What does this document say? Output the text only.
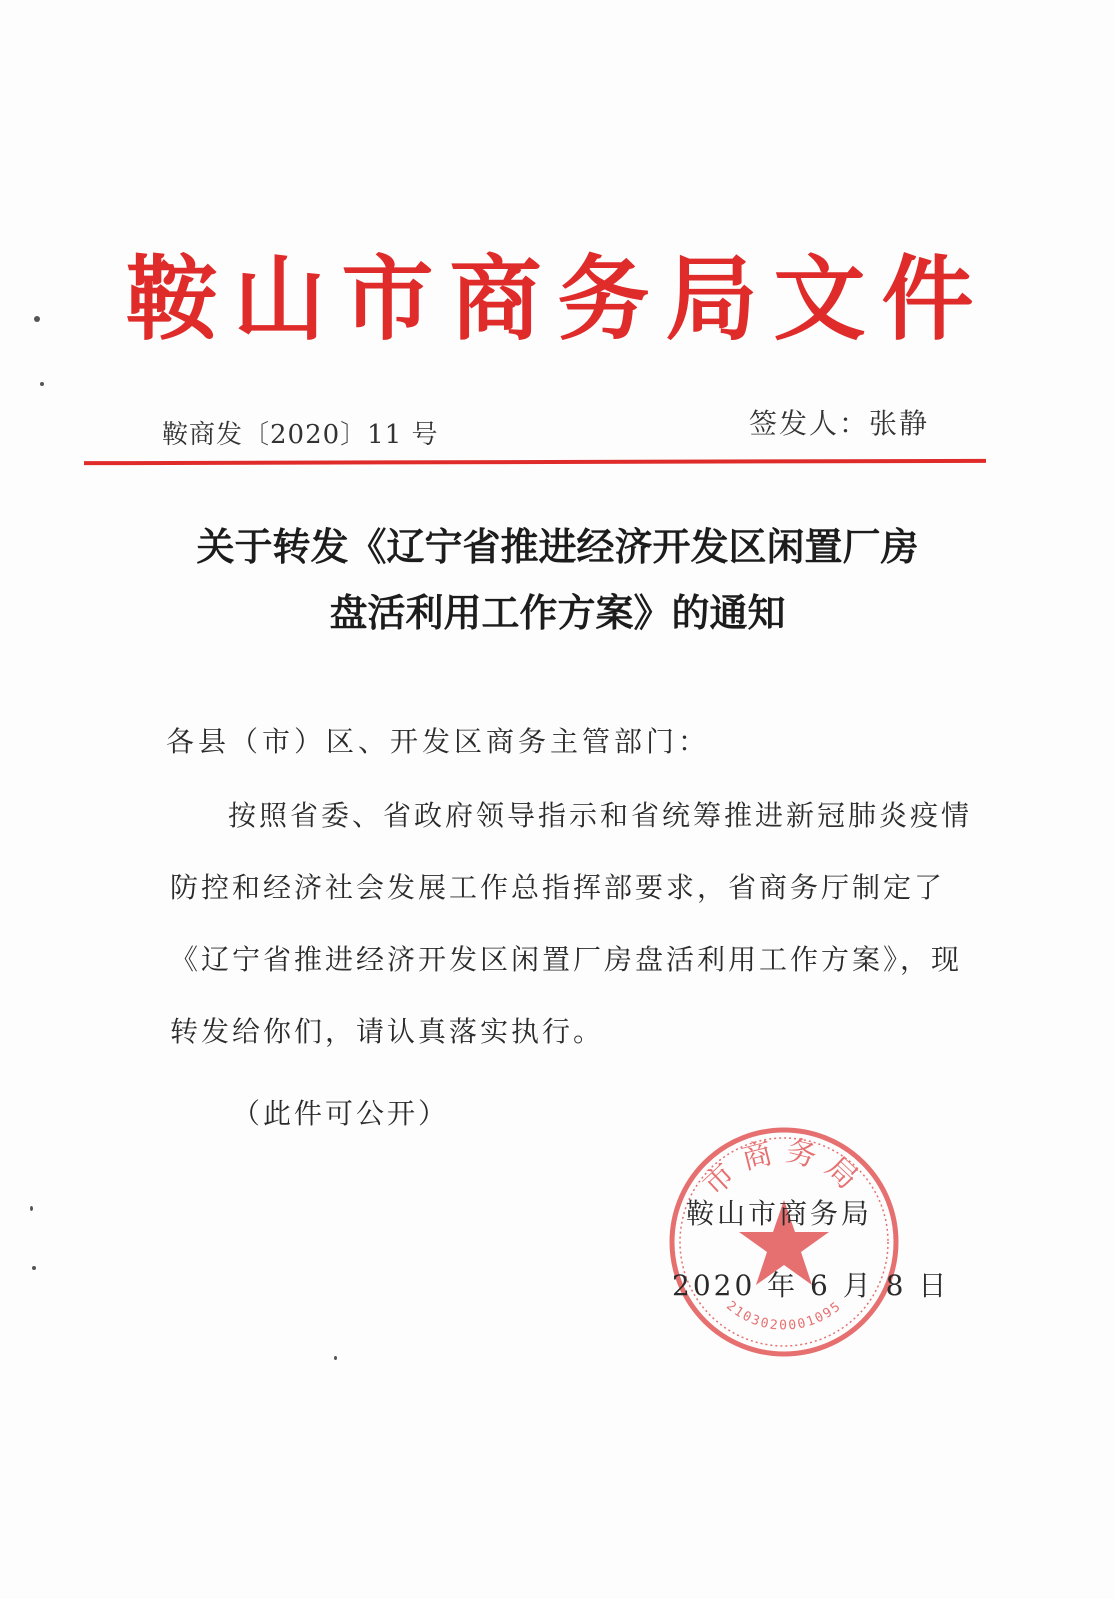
鞍山市商务局文件
鞍商发〔2020〕11 号	签发人：张静
关于转发《辽宁省推进经济开发区闲置厂房
盘活利用工作方案》的通知
各县（市）区、开发区商务主管部门：
按照省委、省政府领导指示和省统筹推进新冠肺炎疫情
防控和经济社会发展工作总指挥部要求，省商务厅制定了
《辽宁省推进经济开发区闲置厂房盘活利用工作方案》，现
转发给你们，请认真落实执行。
（此件可公开）
市商务局
2103020001095
鞍山市商务局
2020 年 6 月 8 日
